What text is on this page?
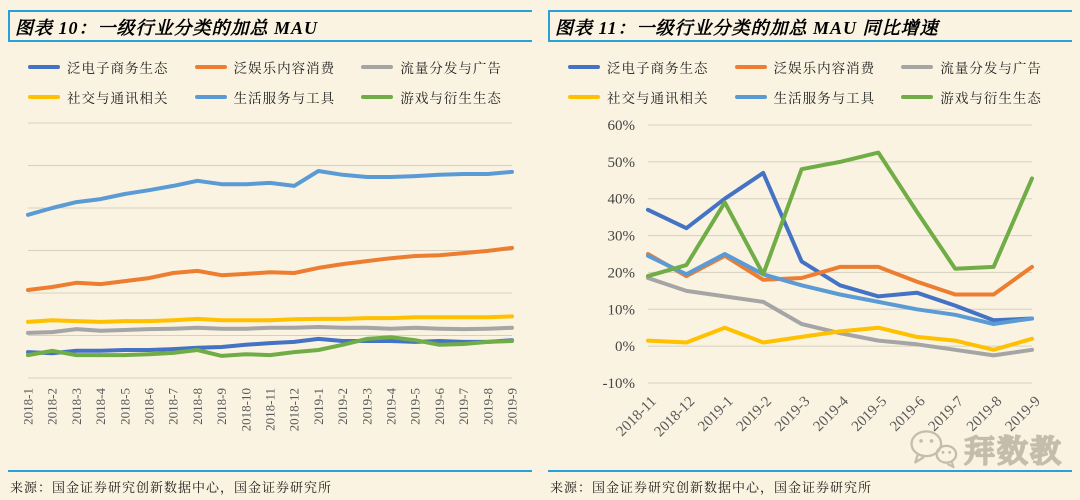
图表 10：一级行业分类的加总 MAU
泛电子商务生态	泛娱乐内容消费	流量分发与广告
社交与通讯相关	生活服务与工具	游戏与衍生生态
2018-1 2018-2 2018-3 2018-4 2018-5 2018-6 2018-7 2018-8 2018-9 2018-10 2018-11 2018-12 2019-1 2019-2 2019-3 2019-4 2019-5 2019-6 2019-7 2019-8 2019-9
来源：国金证券研究创新数据中心，国金证券研究所
图表 11：一级行业分类的加总 MAU 同比增速
泛电子商务生态	泛娱乐内容消费	流量分发与广告
社交与通讯相关	生活服务与工具	游戏与衍生生态
-10%
0%
10%
20%
30%
40%
50%
60%
2018-11
2018-12
2019-1
2019-2
2019-3
2019-4
2019-5
2019-6
2019-7
2019-8
2019-9
来源：国金证券研究创新数据中心，国金证券研究所
拜数教
